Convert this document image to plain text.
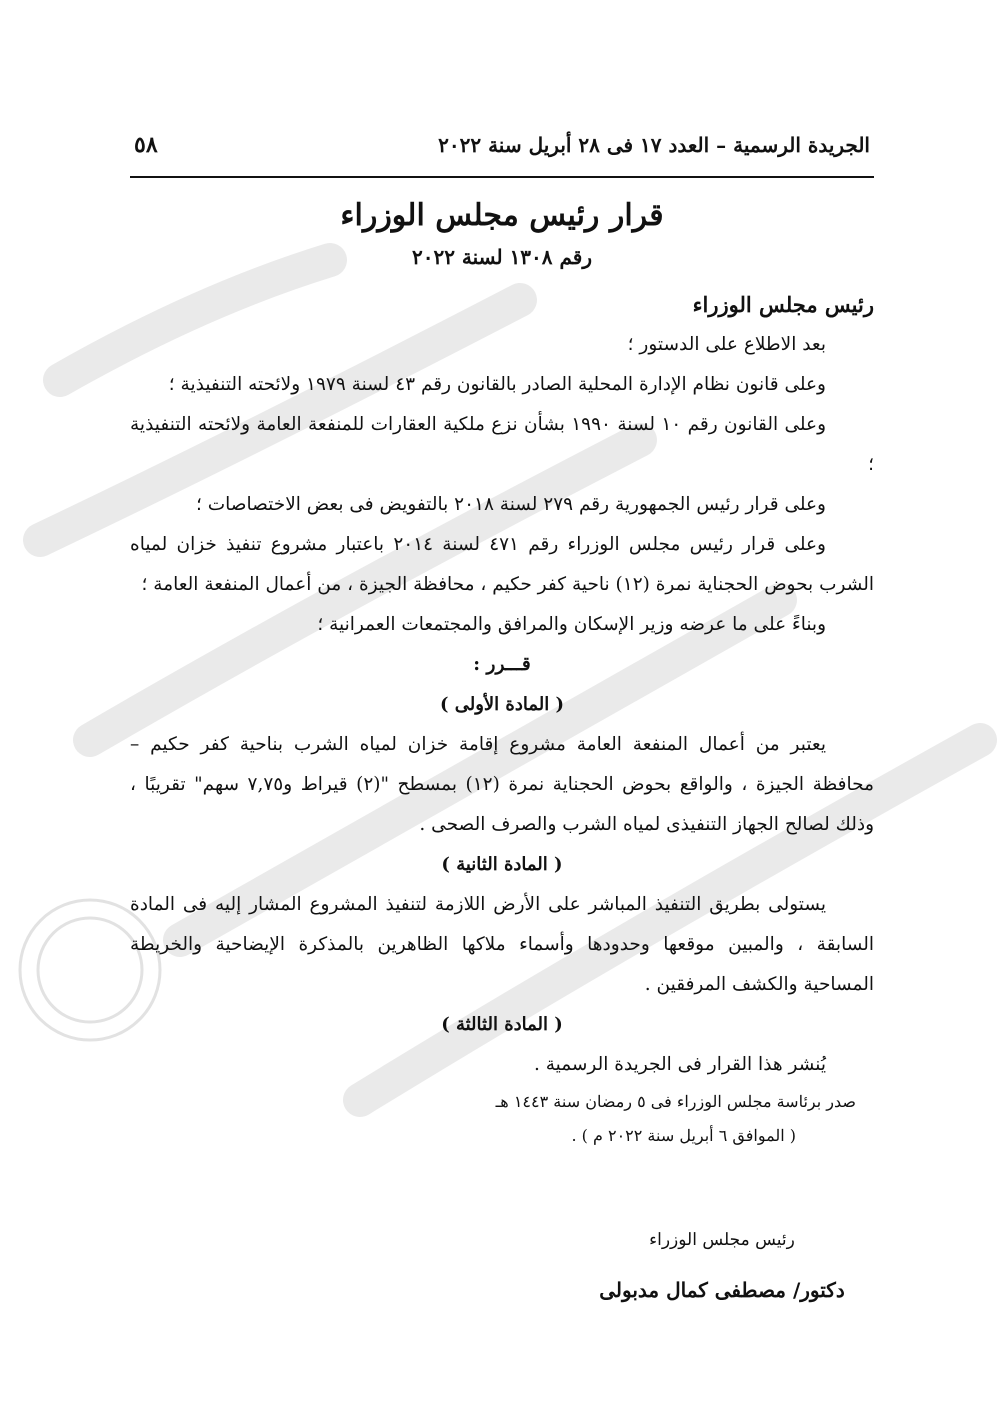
الجريدة الرسمية – العدد ١٧ فى ٢٨ أبريل سنة ٢٠٢٢
٥٨
قرار رئيس مجلس الوزراء
رقم ١٣٠٨ لسنة ٢٠٢٢

رئيس مجلس الوزراء

بعد الاطلاع على الدستور ؛

وعلى قانون نظام الإدارة المحلية الصادر بالقانون رقم ٤٣ لسنة ١٩٧٩ ولائحته التنفيذية ؛

وعلى القانون رقم ١٠ لسنة ١٩٩٠ بشأن نزع ملكية العقارات للمنفعة العامة ولائحته التنفيذية ؛

وعلى قرار رئيس الجمهورية رقم ٢٧٩ لسنة ٢٠١٨ بالتفويض فى بعض الاختصاصات ؛

وعلى قرار رئيس مجلس الوزراء رقم ٤٧١ لسنة ٢٠١٤ باعتبار مشروع تنفيذ خزان لمياه الشرب بحوض الحجناية نمرة (١٢) ناحية كفر حكيم ، محافظة الجيزة ، من أعمال المنفعة العامة ؛

وبناءً على ما عرضه وزير الإسكان والمرافق والمجتمعات العمرانية ؛

قـــرر :

( المادة الأولى )

يعتبر من أعمال المنفعة العامة مشروع إقامة خزان لمياه الشرب بناحية كفر حكيم – محافظة الجيزة ، والواقع بحوض الحجناية نمرة (١٢) بمسطح "(٢) قيراط و٧,٧٥ سهم" تقريبًا ، وذلك لصالح الجهاز التنفيذى لمياه الشرب والصرف الصحى .

( المادة الثانية )

يستولى بطريق التنفيذ المباشر على الأرض اللازمة لتنفيذ المشروع المشار إليه فى المادة السابقة ، والمبين موقعها وحدودها وأسماء ملاكها الظاهرين بالمذكرة الإيضاحية والخريطة المساحية والكشف المرفقين .

( المادة الثالثة )

يُنشر هذا القرار فى الجريدة الرسمية .

صدر برئاسة مجلس الوزراء فى ٥ رمضان سنة ١٤٤٣ هـ

( الموافق ٦ أبريل سنة ٢٠٢٢ م ) .

رئيس مجلس الوزراء
دكتور/ مصطفى كمال مدبولى
